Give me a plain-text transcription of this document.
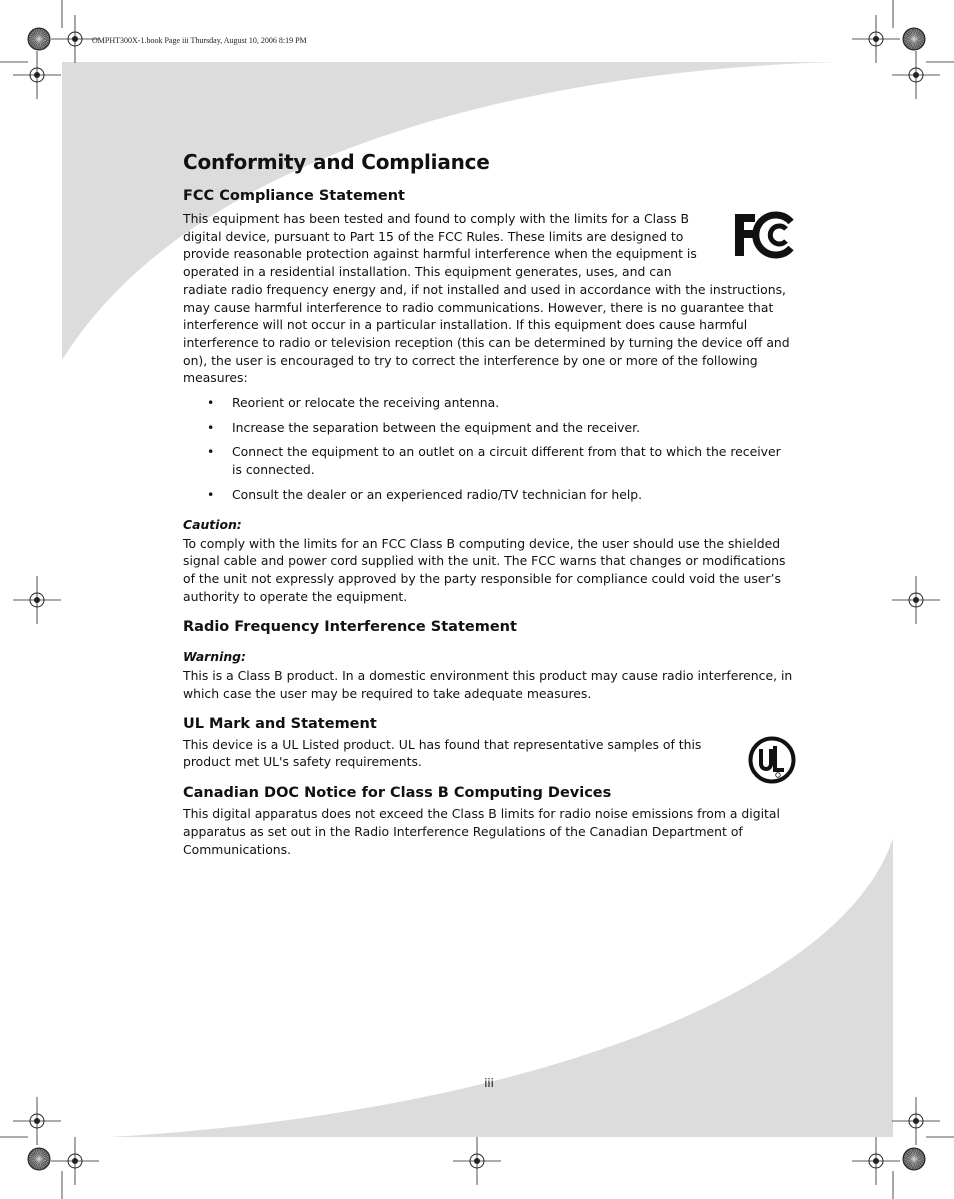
OMPHT300X-1.book Page iii Thursday, August 10, 2006 8:19 PM
Conformity and Compliance
FCC Compliance Statement

This equipment has been tested and found to comply with the limits for a Class B digital device, pursuant to Part 15 of the FCC Rules. These limits are designed to provide reasonable protection against harmful interference when the equipment is operated in a residential installation. This equipment generates, uses, and can radiate radio frequency energy and, if not installed and used in accordance with the instructions, may cause harmful interference to radio communications. However, there is no guarantee that interference will not occur in a particular installation. If this equipment does cause harmful interference to radio or television reception (this can be determined by turning the device off and on), the user is encouraged to try to correct the interference by one or more of the following measures:

• Reorient or relocate the receiving antenna.
• Increase the separation between the equipment and the receiver.
• Connect the equipment to an outlet on a circuit different from that to which the receiver is connected.
• Consult the dealer or an experienced radio/TV technician for help.
Caution:

To comply with the limits for an FCC Class B computing device, the user should use the shielded signal cable and power cord supplied with the unit. The FCC warns that changes or modifications of the unit not expressly approved by the party responsible for compliance could void the user’s authority to operate the equipment.

Radio Frequency Interference Statement
Warning:

This is a Class B product. In a domestic environment this product may cause radio interference, in which case the user may be required to take adequate measures.

UL Mark and Statement

This device is a UL Listed product. UL has found that representative samples of this product met UL's safety requirements.

Canadian DOC Notice for Class B Computing Devices

This digital apparatus does not exceed the Class B limits for radio noise emissions from a digital apparatus as set out in the Radio Interference Regulations of the Canadian Department of Communications.

iii
